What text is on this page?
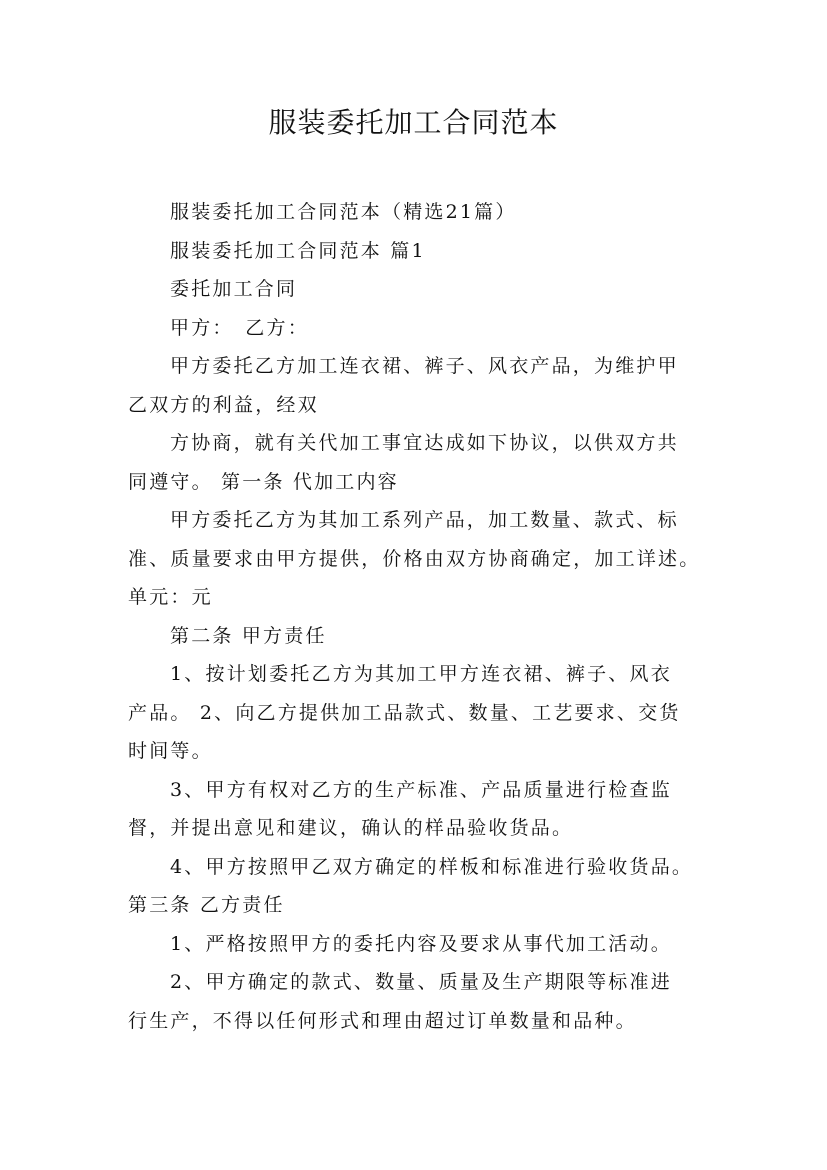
服装委托加工合同范本
服装委托加工合同范本（精选21篇）
服装委托加工合同范本 篇1
委托加工合同
甲方：　乙方：
甲方委托乙方加工连衣裙、裤子、风衣产品，为维护甲
乙双方的利益，经双
方协商，就有关代加工事宜达成如下协议，以供双方共
同遵守。 第一条 代加工内容
甲方委托乙方为其加工系列产品，加工数量、款式、标
准、质量要求由甲方提供，价格由双方协商确定，加工详述。
单元：元
第二条 甲方责任
1、按计划委托乙方为其加工甲方连衣裙、裤子、风衣
产品。 2、向乙方提供加工品款式、数量、工艺要求、交货
时间等。
3、甲方有权对乙方的生产标准、产品质量进行检查监
督，并提出意见和建议，确认的样品验收货品。
4、甲方按照甲乙双方确定的样板和标准进行验收货品。
第三条 乙方责任
1、严格按照甲方的委托内容及要求从事代加工活动。
2、甲方确定的款式、数量、质量及生产期限等标准进
行生产，不得以任何形式和理由超过订单数量和品种。
